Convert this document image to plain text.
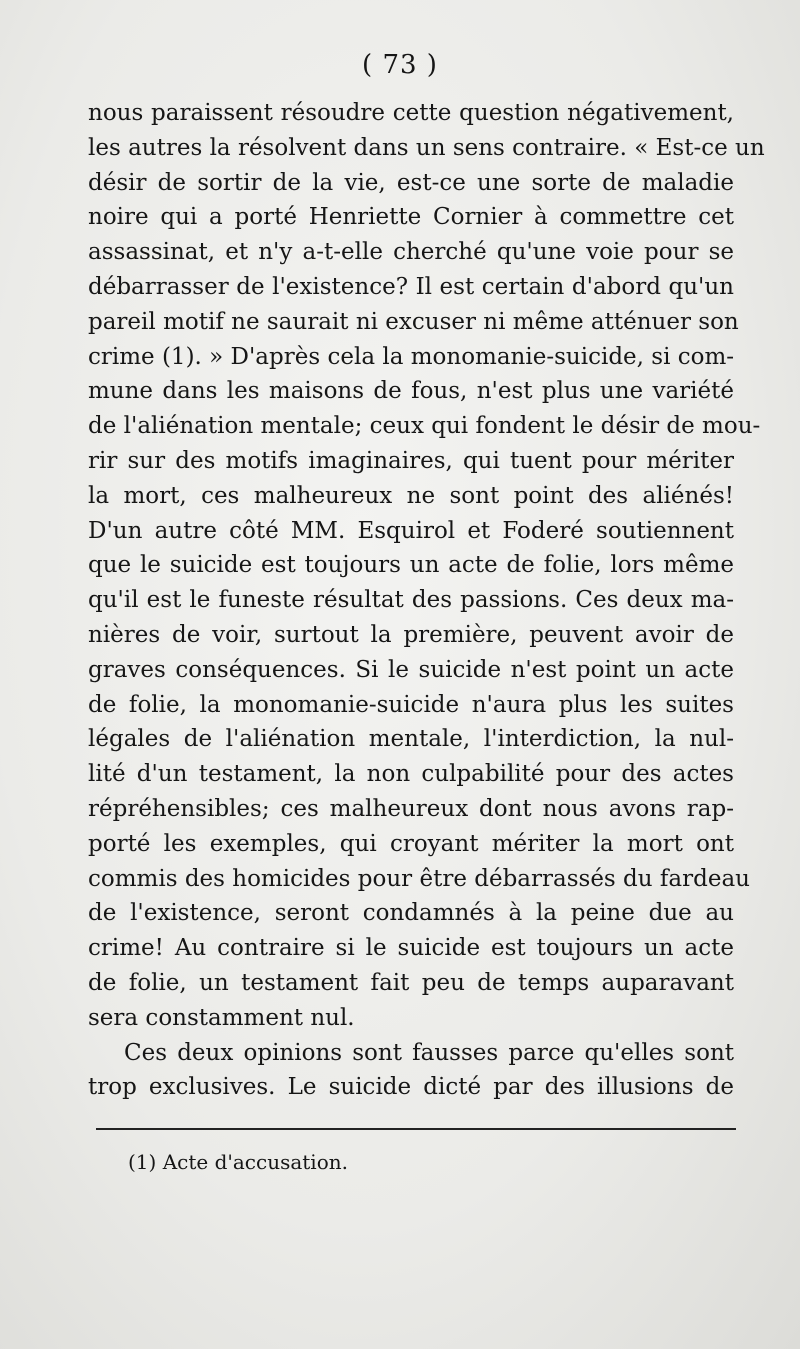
( 73 )
nous paraissent résoudre cette question négativement,
les autres la résolvent dans un sens contraire. « Est-ce un
désir de sortir de la vie, est-ce une sorte de maladie
noire qui a porté Henriette Cornier à commettre cet
assassinat, et n'y a-t-elle cherché qu'une voie pour se
débarrasser de l'existence? Il est certain d'abord qu'un
pareil motif ne saurait ni excuser ni même atténuer son
crime (1). » D'après cela la monomanie-suicide, si com-
mune dans les maisons de fous, n'est plus une variété
de l'aliénation mentale; ceux qui fondent le désir de mou-
rir sur des motifs imaginaires, qui tuent pour mériter
la mort, ces malheureux ne sont point des aliénés!
D'un autre côté MM. Esquirol et Foderé soutiennent
que le suicide est toujours un acte de folie, lors même
qu'il est le funeste résultat des passions. Ces deux ma-
nières de voir, surtout la première, peuvent avoir de
graves conséquences. Si le suicide n'est point un acte
de folie, la monomanie-suicide n'aura plus les suites
légales de l'aliénation mentale, l'interdiction, la nul-
lité d'un testament, la non culpabilité pour des actes
répréhensibles; ces malheureux dont nous avons rap-
porté les exemples, qui croyant mériter la mort ont
commis des homicides pour être débarrassés du fardeau
de l'existence, seront condamnés à la peine due au
crime! Au contraire si le suicide est toujours un acte
de folie, un testament fait peu de temps auparavant
sera constamment nul.
Ces deux opinions sont fausses parce qu'elles sont
trop exclusives. Le suicide dicté par des illusions de
(1) Acte d'accusation.
